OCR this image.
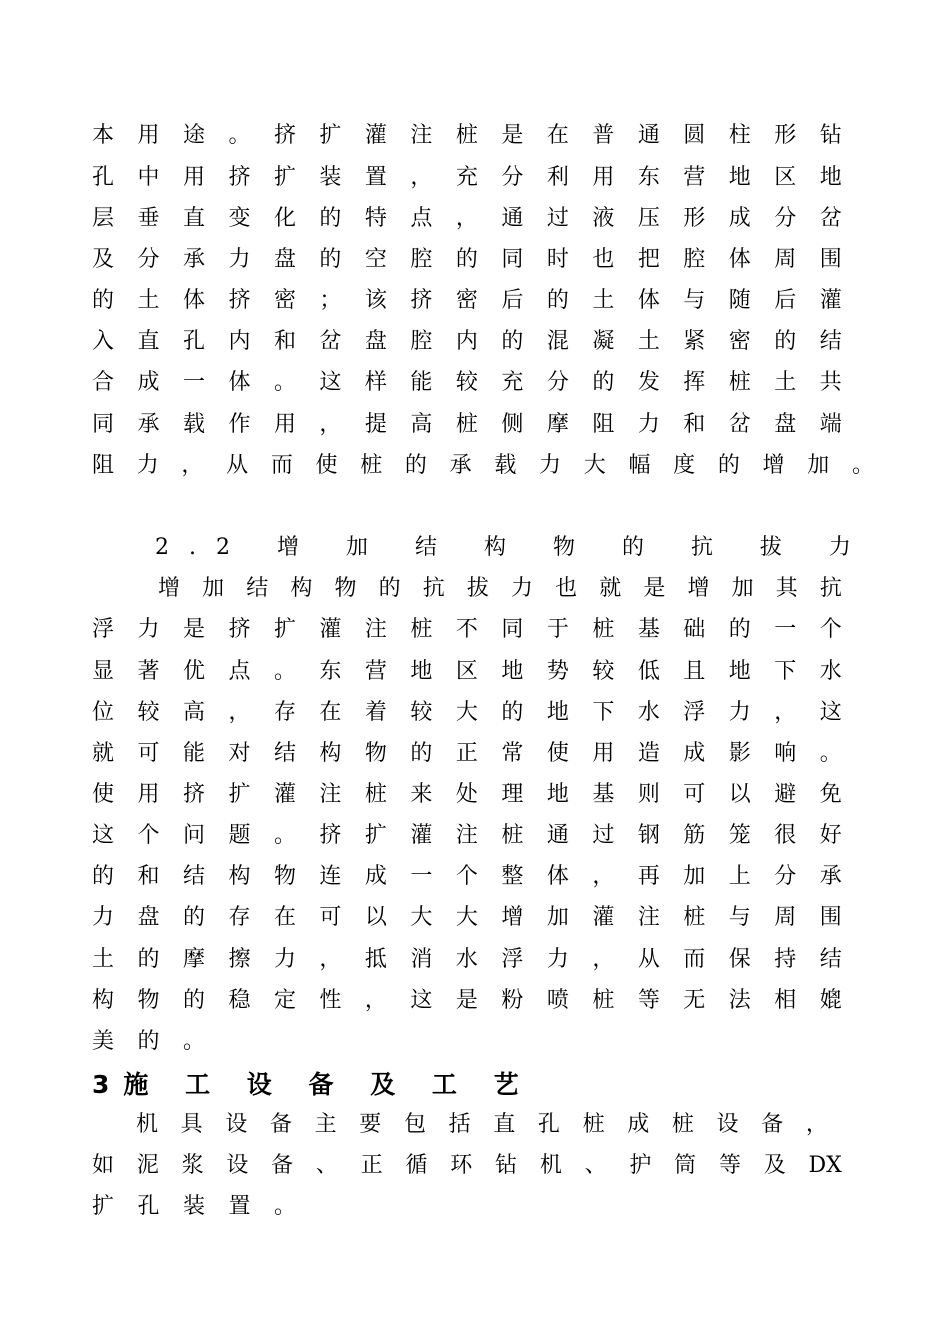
本 用 途 。 挤 扩 灌 注 桩 是 在 普 通 圆 柱 形 钻
孔 中 用 挤 扩 装 置 ， 充 分 利 用 东 营 地 区 地
层 垂 直 变 化 的 特 点 ， 通 过 液 压 形 成 分 岔
及 分 承 力 盘 的 空 腔 的 同 时 也 把 腔 体 周 围
的 土 体 挤 密 ； 该 挤 密 后 的 土 体 与 随 后 灌
入 直 孔 内 和 岔 盘 腔 内 的 混 凝 土 紧 密 的 结
合 成 一 体 。 这 样 能 较 充 分 的 发 挥 桩 土 共
同 承 载 作 用 ， 提 高 桩 侧 摩 阻 力 和 岔 盘 端
阻 力 ， 从 而 使 桩 的 承 载 力 大 幅 度 的 增 加 。
2.2 增 加 结 构 物 的 抗 拔 力
增 加 结 构 物 的 抗 拔 力 也 就 是 增 加 其 抗
浮 力 是 挤 扩 灌 注 桩 不 同 于 桩 基 础 的 一 个
显 著 优 点 。 东 营 地 区 地 势 较 低 且 地 下 水
位 较 高 ， 存 在 着 较 大 的 地 下 水 浮 力 ， 这
就 可 能 对 结 构 物 的 正 常 使 用 造 成 影 响 。
使 用 挤 扩 灌 注 桩 来 处 理 地 基 则 可 以 避 免
这 个 问 题 。 挤 扩 灌 注 桩 通 过 钢 筋 笼 很 好
的 和 结 构 物 连 成 一 个 整 体 ， 再 加 上 分 承
力 盘 的 存 在 可 以 大 大 增 加 灌 注 桩 与 周 围
土 的 摩 擦 力 ， 抵 消 水 浮 力 ， 从 而 保 持 结
构 物 的 稳 定 性 ， 这 是 粉 喷 桩 等 无 法 相 媲
美的。
3施 工 设 备 及 工 艺
机 具 设 备 主 要 包 括 直 孔 桩 成 桩 设 备 ，
如 泥 浆 设 备 、 正 循 环 钻 机 、 护 筒 等 及 DX
扩孔装置。
